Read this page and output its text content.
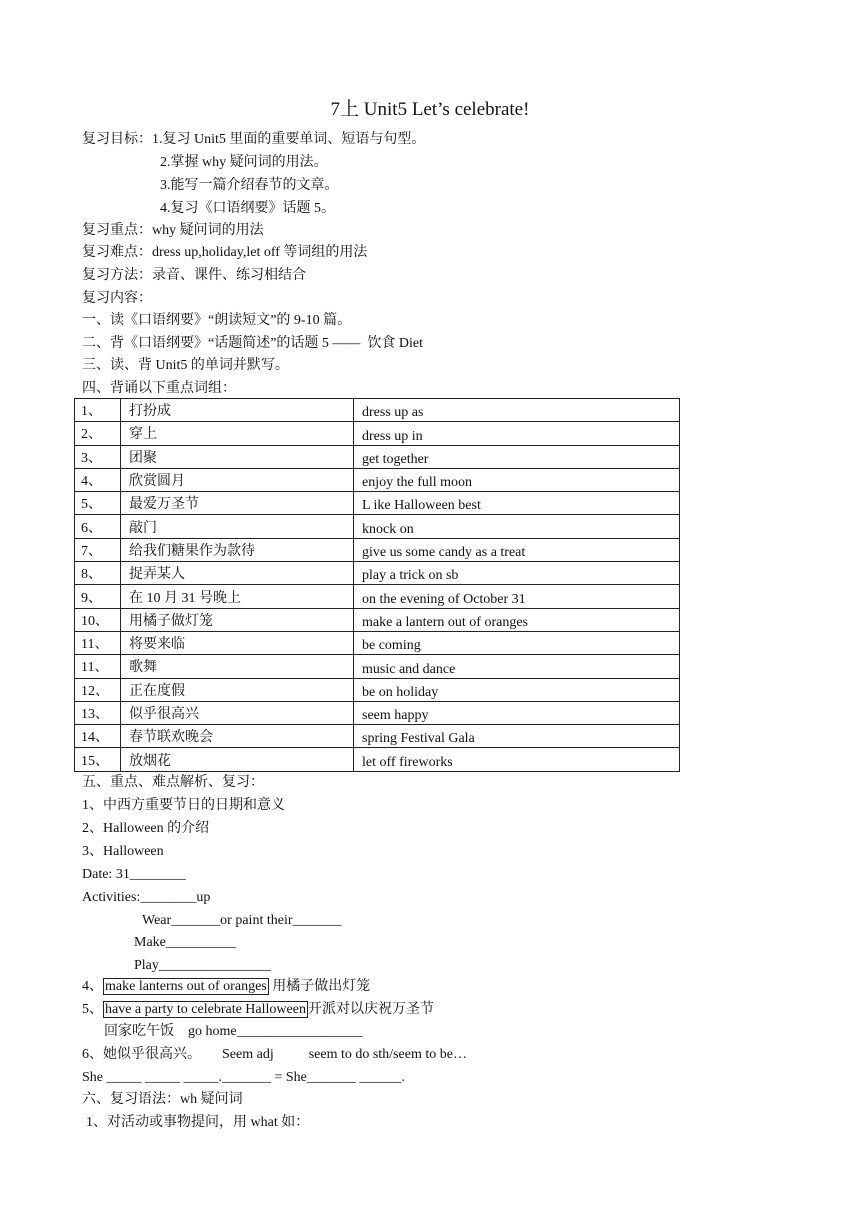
7上 Unit5 Let’s celebrate!
复习目标：1.复习 Unit5 里面的重要单词、短语与句型。
2.掌握 why 疑问词的用法。
3.能写一篇介绍春节的文章。
4.复习《口语纲要》话题 5。
复习重点：why 疑问词的用法
复习难点：dress up,holiday,let off 等词组的用法
复习方法：录音、课件、练习相结合
复习内容：
一、读《口语纲要》“朗读短文”的 9-10 篇。
二、背《口语纲要》“话题简述”的话题 5 ——  饮食 Diet
三、读、背 Unit5 的单词并默写。
四、背诵以下重点词组：
1、	打扮成	dress up as
2、	穿上	dress up in
3、	团聚	get together
4、	欣赏圆月	enjoy the full moon
5、	最爱万圣节	L ike Halloween best
6、	敲门	knock on
7、	给我们糖果作为款待	give us some candy as a treat
8、	捉弄某人	play a trick on sb
9、	在 10 月 31 号晚上	on the evening of October 31
10、	用橘子做灯笼	make a lantern out of oranges
11、	将要来临	be coming
11、	歌舞	music and dance
12、	正在度假	be on holiday
13、	似乎很高兴	seem happy
14、	春节联欢晚会	spring Festival Gala
15、	放烟花	let off fireworks
五、重点、难点解析、复习：
1、中西方重要节日的日期和意义
2、Halloween 的介绍
3、Halloween
Date: 31________
Activities:________up
Wear_______or paint their_______
Make__________
Play________________
4、 make lanterns out of oranges 用橘子做出灯笼
5、 have a party to celebrate Halloween 开派对以庆祝万圣节
回家吃午饭    go home__________________
6、她似乎很高兴。      Seem adj          seem to do sth/seem to be…
She _____ _____ _____._______ = She_______ ______.
六、复习语法：wh 疑问词
1、对活动或事物提问，用 what 如：
